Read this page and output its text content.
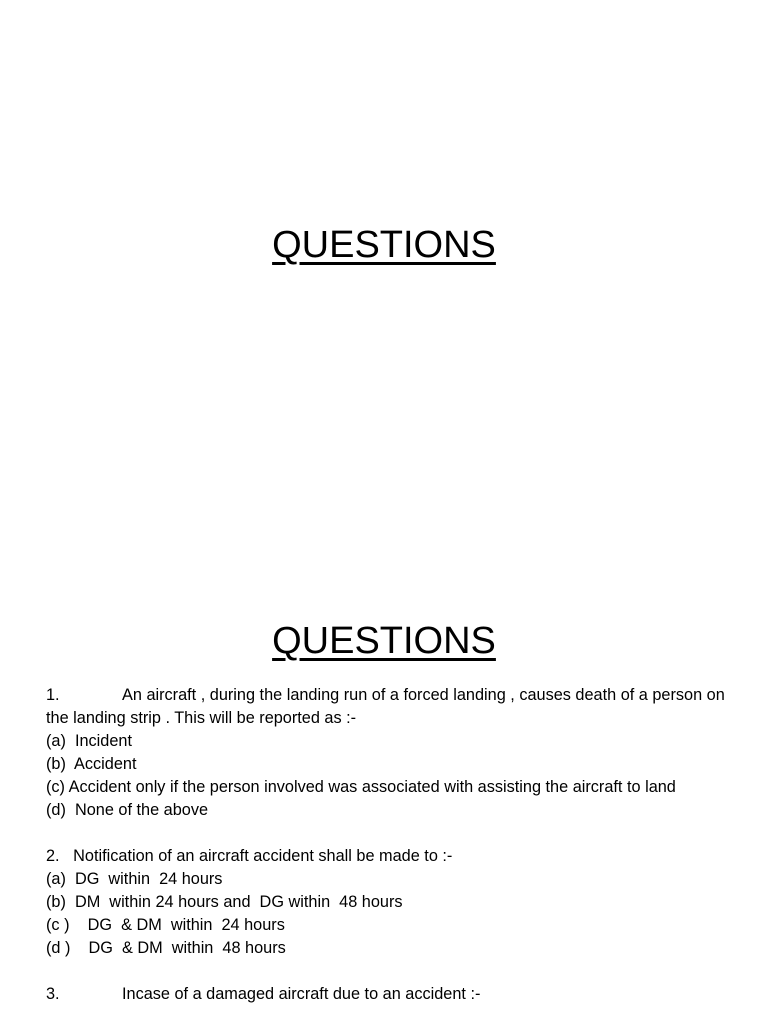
QUESTIONS
QUESTIONS
1.	An aircraft , during the landing run of a forced landing , causes death of a person on the landing strip . This will be reported as :-
(a)  Incident
(b)  Accident
(c) Accident only if the person involved was associated with assisting the aircraft to land
(d)  None of the above
2. Notification of an aircraft accident shall be made to :-
(a)  DG  within  24 hours
(b)  DM  within 24 hours and  DG within  48 hours
(c )    DG  & DM  within  24 hours
(d )    DG  & DM  within  48 hours
3.	Incase of a damaged aircraft due to an accident :-
